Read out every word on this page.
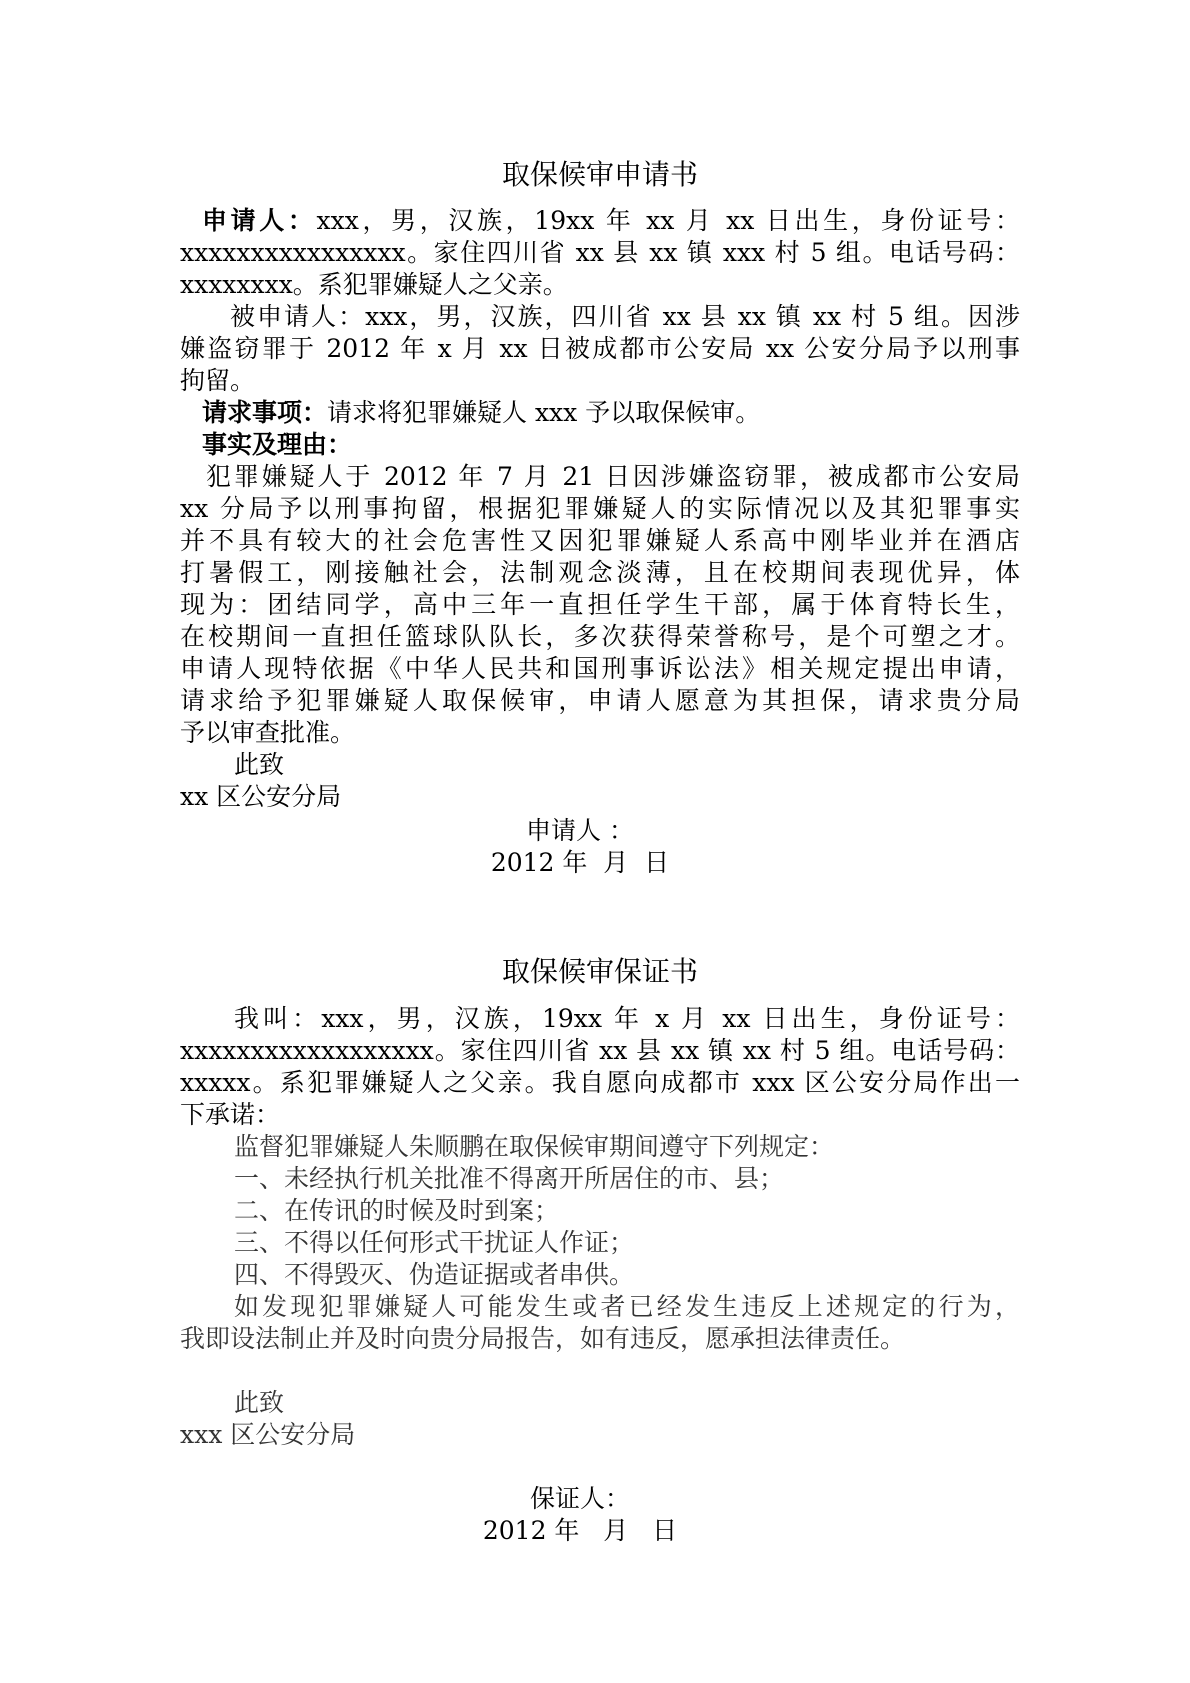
取保候审申请书
申请人：xxx，男，汉族，19xx 年 xx 月 xx 日出生，身份证号：
xxxxxxxxxxxxxxxx。家住四川省 xx 县 xx 镇 xxx 村 5 组。电话号码：
xxxxxxxx。系犯罪嫌疑人之父亲。
被申请人：xxx，男，汉族，四川省 xx 县 xx 镇 xx 村 5 组。因涉
嫌盗窃罪于 2012 年 x 月 xx 日被成都市公安局 xx 公安分局予以刑事
拘留。
请求事项：请求将犯罪嫌疑人 xxx 予以取保候审。
事实及理由：
犯罪嫌疑人于 2012 年 7 月 21 日因涉嫌盗窃罪，被成都市公安局
xx 分局予以刑事拘留，根据犯罪嫌疑人的实际情况以及其犯罪事实
并不具有较大的社会危害性又因犯罪嫌疑人系高中刚毕业并在酒店
打暑假工，刚接触社会，法制观念淡薄，且在校期间表现优异，体
现为：团结同学，高中三年一直担任学生干部，属于体育特长生，
在校期间一直担任篮球队队长，多次获得荣誉称号，是个可塑之才。
申请人现特依据《中华人民共和国刑事诉讼法》相关规定提出申请，
请求给予犯罪嫌疑人取保候审，申请人愿意为其担保，请求贵分局
予以审查批准。
此致
xx 区公安分局
申请人 ：
2012 年  月  日
取保候审保证书
我叫：xxx，男，汉族，19xx 年 x 月 xx 日出生，身份证号：
xxxxxxxxxxxxxxxxxx。家住四川省 xx 县 xx 镇 xx 村 5 组。电话号码：
xxxxx。系犯罪嫌疑人之父亲。我自愿向成都市 xxx 区公安分局作出一
下承诺：
监督犯罪嫌疑人朱顺鹏在取保候审期间遵守下列规定：
一、未经执行机关批准不得离开所居住的市、县；
二、在传讯的时候及时到案；
三、不得以任何形式干扰证人作证；
四、不得毁灭、伪造证据或者串供。
如发现犯罪嫌疑人可能发生或者已经发生违反上述规定的行为，
我即设法制止并及时向贵分局报告，如有违反，愿承担法律责任。
此致
xxx 区公安分局
保证人：
2012 年   月   日
